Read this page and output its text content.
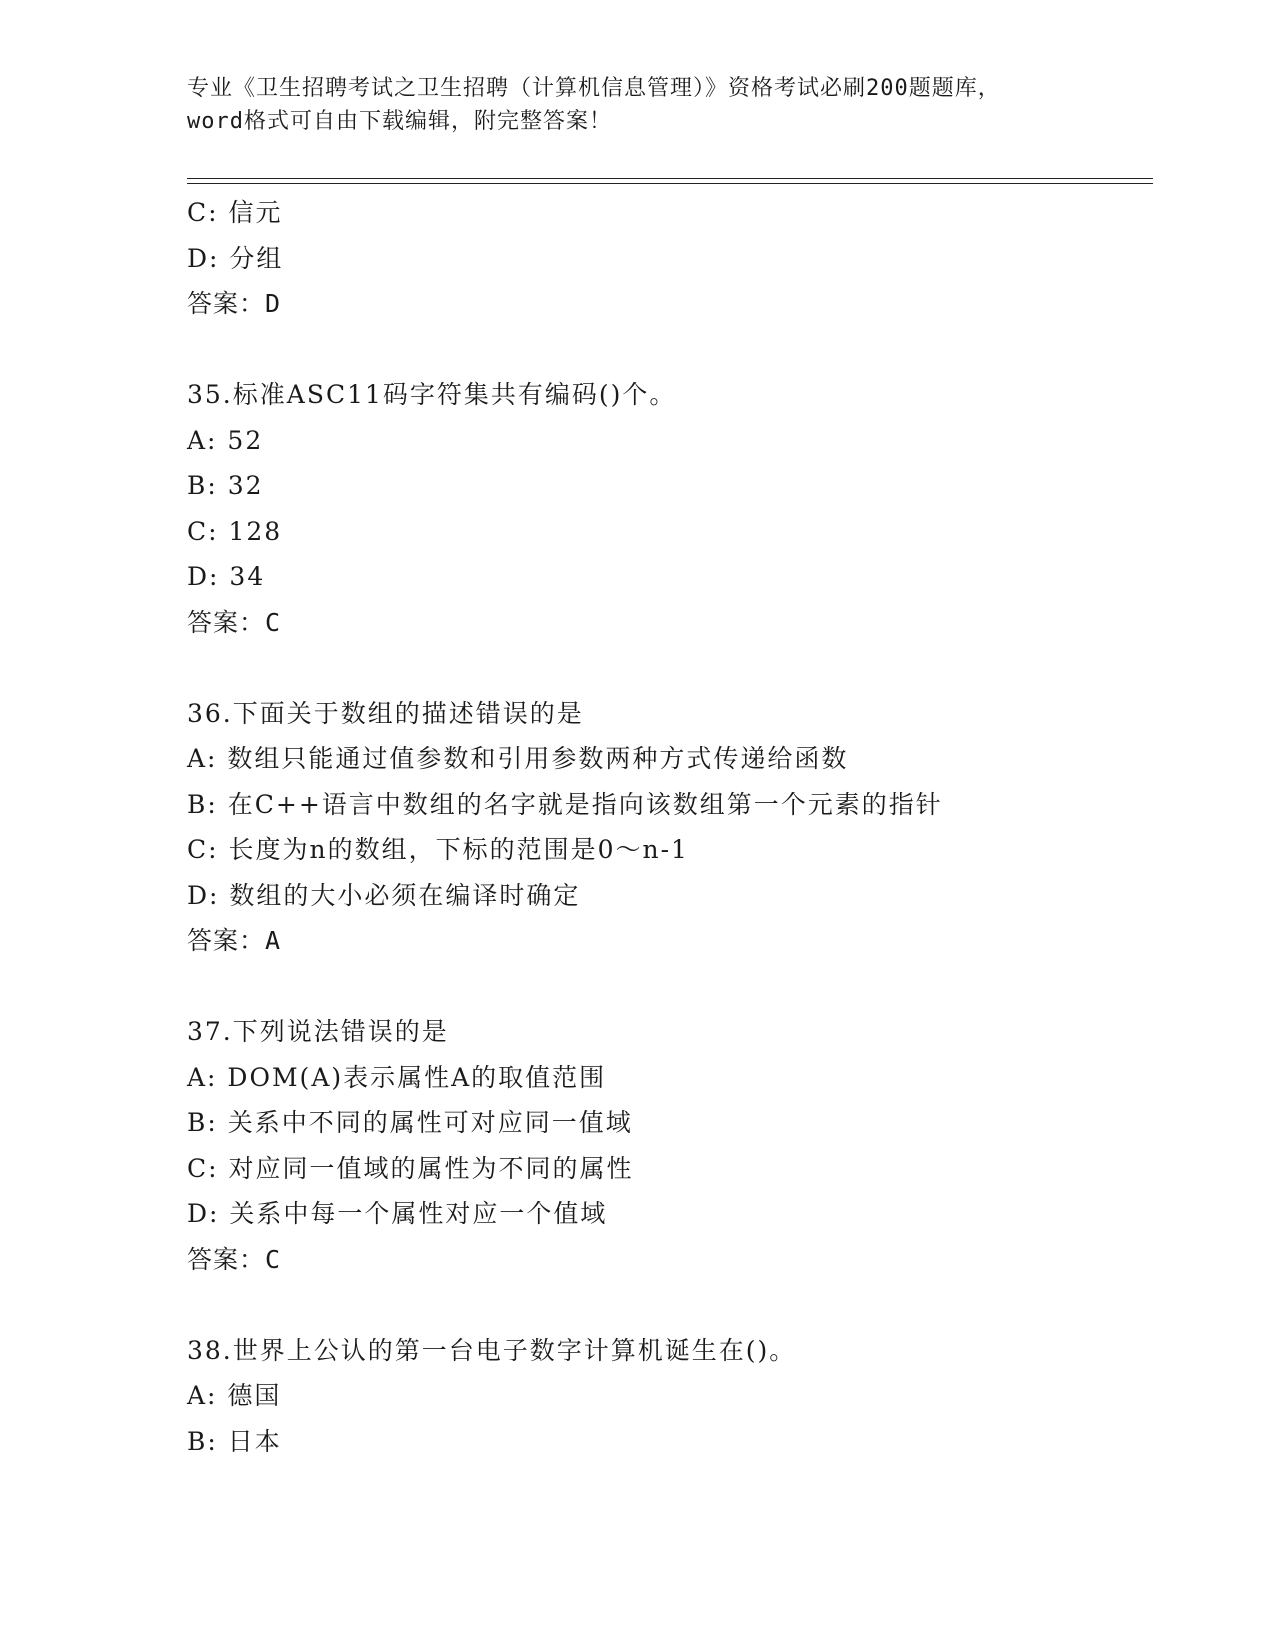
专业《卫生招聘考试之卫生招聘（计算机信息管理）》资格考试必刷200题题库，
word格式可自由下载编辑，附完整答案！
C: 信元
D: 分组
答案：D
35.标准ASC11码字符集共有编码()个。
A: 52
B: 32
C: 128
D: 34
答案：C
36.下面关于数组的描述错误的是
A: 数组只能通过值参数和引用参数两种方式传递给函数
B: 在C++语言中数组的名字就是指向该数组第一个元素的指针
C: 长度为n的数组，下标的范围是0～n-1
D: 数组的大小必须在编译时确定
答案：A
37.下列说法错误的是
A: DOM(A)表示属性A的取值范围
B: 关系中不同的属性可对应同一值域
C: 对应同一值域的属性为不同的属性
D: 关系中每一个属性对应一个值域
答案：C
38.世界上公认的第一台电子数字计算机诞生在()。
A: 德国
B: 日本
